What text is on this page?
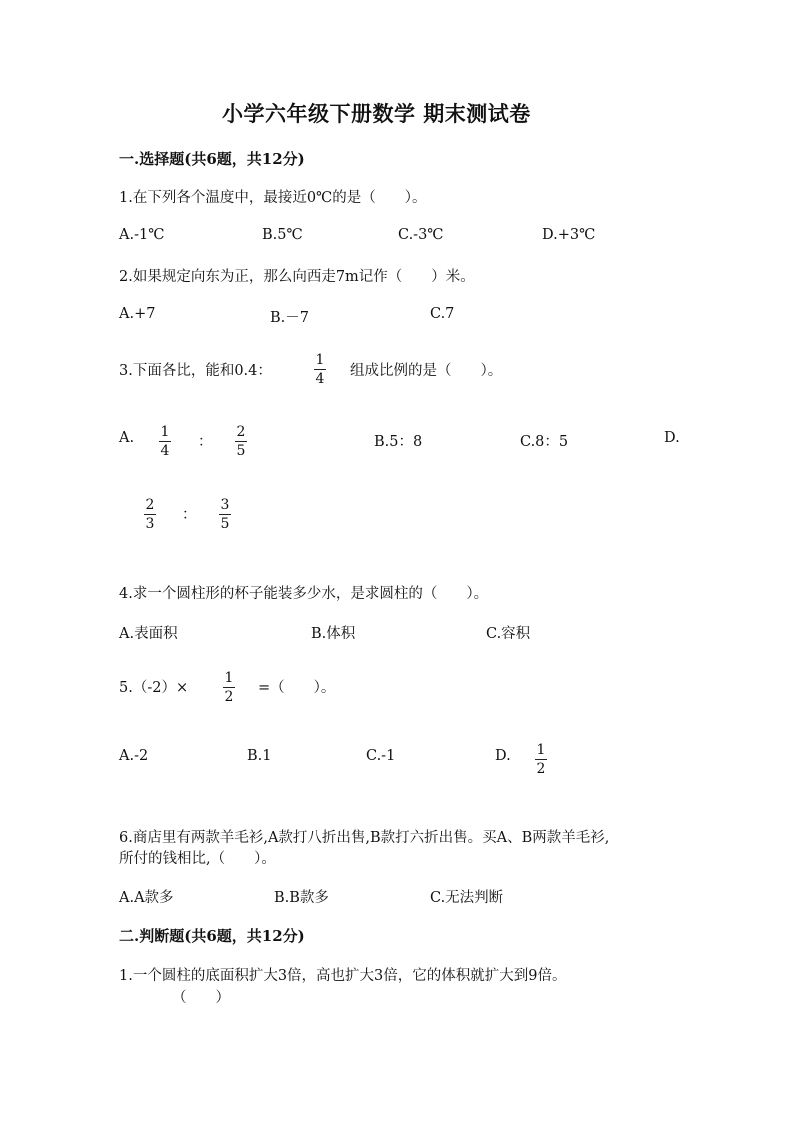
小学六年级下册数学 期末测试卷
一.选择题(共6题，共12分)
1.在下列各个温度中，最接近0℃的是（　　）。
A.-1℃	B.5℃	C.-3℃	D.+3℃
2.如果规定向东为正，那么向西走7m记作（　　）米。
A.+7	B.－7	C.7
3.下面各比，能和0.4：
1
4 组成比例的是（　　）。
A. 1
4
：
2
5
B.5：8	C.8：5	D.
2
3
：
3
5
4.求一个圆柱形的杯子能装多少水，是求圆柱的（　　）。
A.表面积	B.体积	C.容积
5.（-2）×
1
2
=（　　）。
A.-2	B.1	C.-1	D. 1
2
6.商店里有两款羊毛衫,A款打八折出售,B款打六折出售。买A、B两款羊毛衫,
所付的钱相比,（　　）。
A.A款多	B.B款多	C.无法判断
二.判断题(共6题，共12分)
1.一个圆柱的底面积扩大3倍，高也扩大3倍，它的体积就扩大到9倍。
（　　）
